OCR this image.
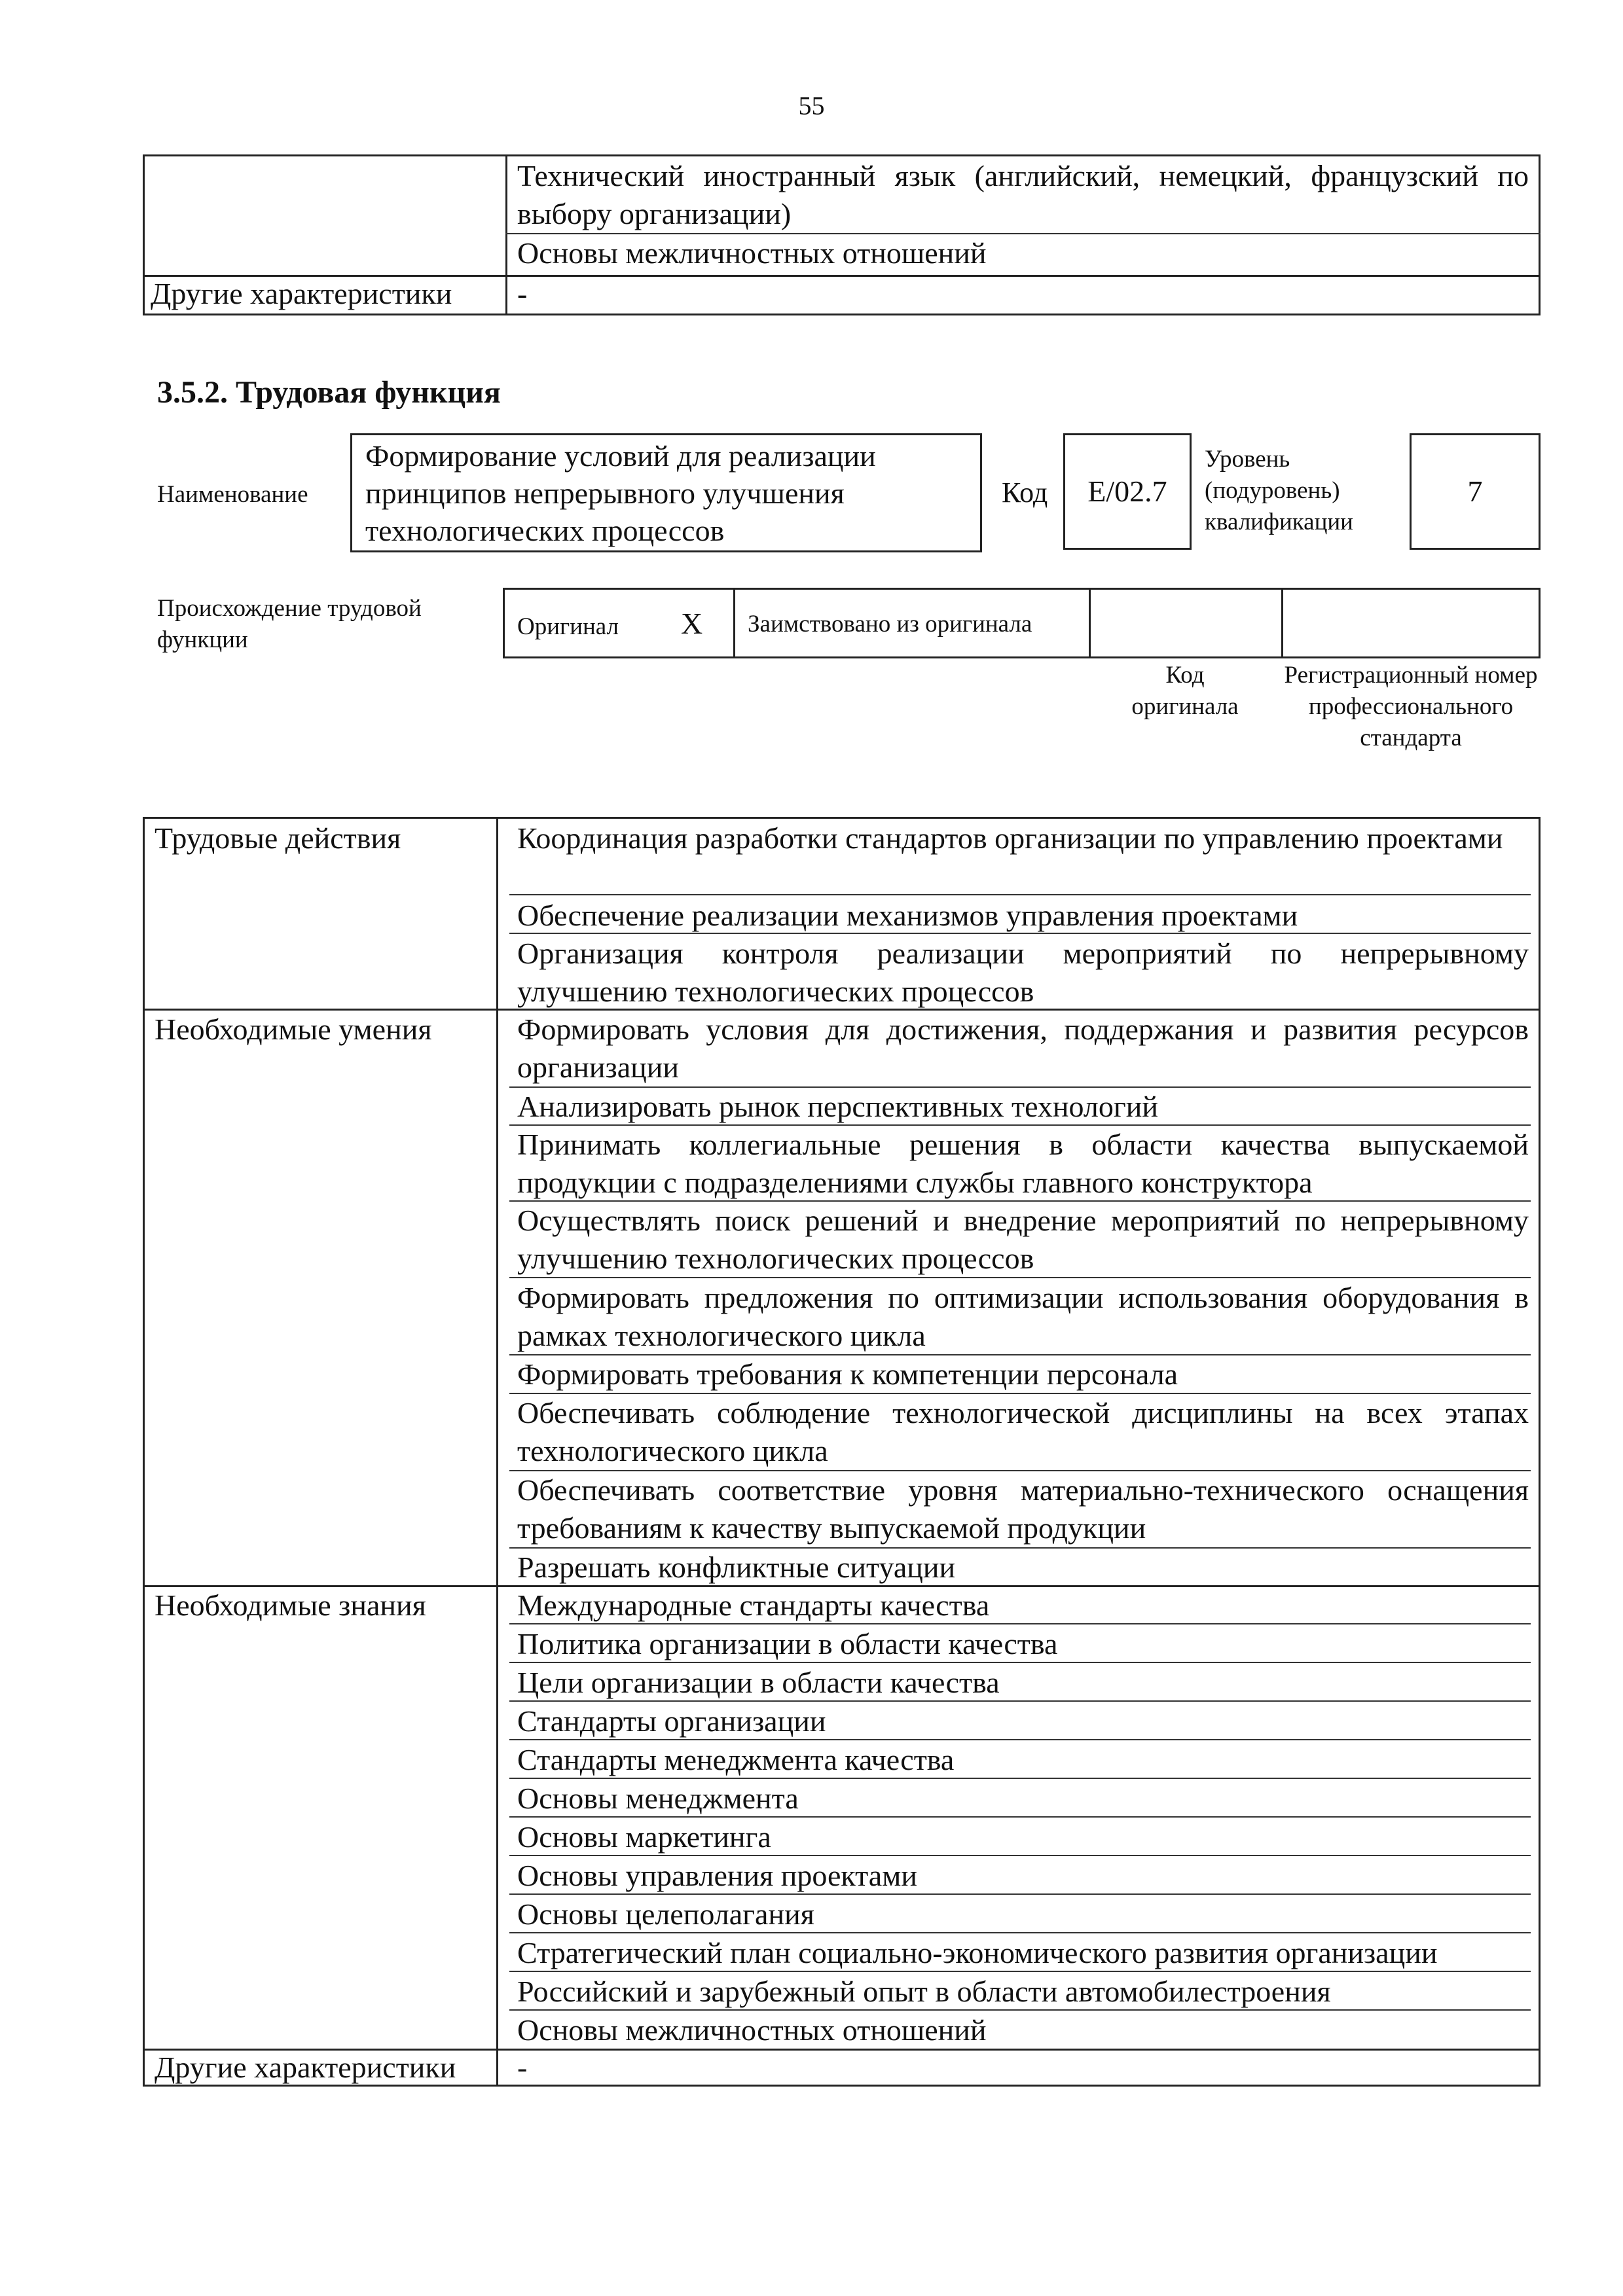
55
Технический иностранный язык (английский, немецкий, французский по выбору организации)
Основы межличностных отношений
Другие характеристики -
3.5.2. Трудовая функция
Наименование
Формирование условий для реализации принципов непрерывного улучшения технологических процессов
Код	E/02.7
Уровень (подуровень) квалификации
7
Происхождение трудовой функции	Оригинал X Заимствовано из оригинала
Код оригинала
Регистрационный номер профессионального стандарта
Трудовые действия
Необходимые умения
Необходимые знания
Другие характеристики -
Координация разработки стандартов организации по управлению проектами
Обеспечение реализации механизмов управления проектами
Организация контроля реализации мероприятий по непрерывному улучшению технологических процессов
Формировать условия для достижения, поддержания и развития ресурсов организации
Анализировать рынок перспективных технологий
Принимать коллегиальные решения в области качества выпускаемой продукции с подразделениями службы главного конструктора
Осуществлять поиск решений и внедрение мероприятий по непрерывному улучшению технологических процессов
Формировать предложения по оптимизации использования оборудования в рамках технологического цикла
Формировать требования к компетенции персонала
Обеспечивать соблюдение технологической дисциплины на всех этапах технологического цикла
Обеспечивать соответствие уровня материально-технического оснащения требованиям к качеству выпускаемой продукции
Разрешать конфликтные ситуации
Международные стандарты качества
Политика организации в области качества
Цели организации в области качества
Стандарты организации
Стандарты менеджмента качества
Основы менеджмента
Основы маркетинга
Основы управления проектами
Основы целеполагания
Стратегический план социально-экономического развития организации
Российский и зарубежный опыт в области автомобилестроения
Основы межличностных отношений
